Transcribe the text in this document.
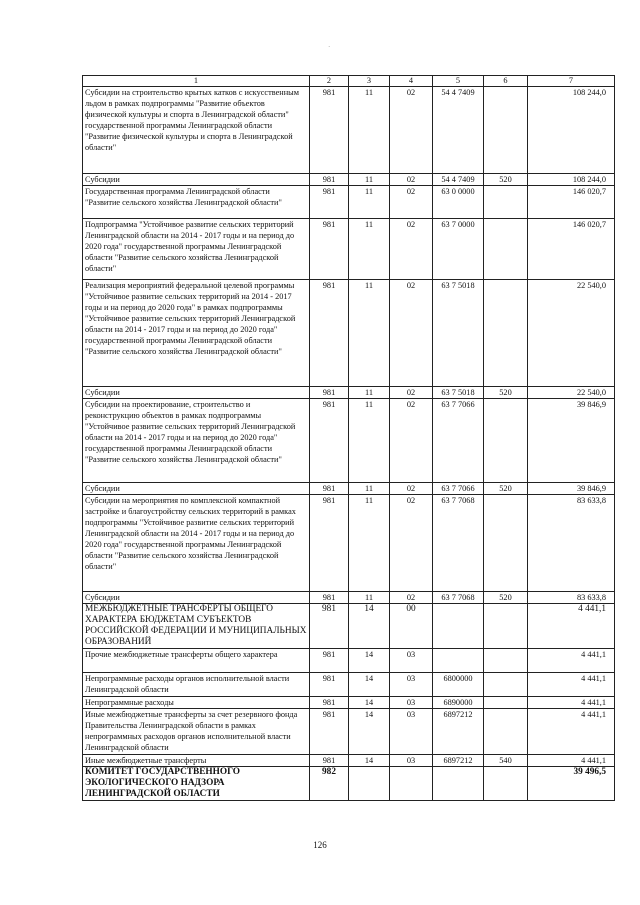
·
1	2	3	4	5	6	7
Субсидии на строительство крытых катков с искусственным льдом в рамках подпрограммы "Развитие объектов физической культуры и спорта в Ленинградской области" государственной программы Ленинградской области "Развитие физической культуры и спорта в Ленинградской области"	981	11	02	54 4 7409		108 244,0
Субсидии	981	11	02	54 4 7409	520	108 244,0
Государственная программа Ленинградской области "Развитие сельского хозяйства Ленинградской области"	981	11	02	63 0 0000		146 020,7
Подпрограмма "Устойчивое развитие сельских территорий Ленинградской области на 2014 - 2017 годы и на период до 2020 года" государственной программы Ленинградской области "Развитие сельского хозяйства Ленинградской области"	981	11	02	63 7 0000		146 020,7
Реализация мероприятий федеральной целевой программы "Устойчивое развитие сельских территорий на 2014 - 2017 годы и на период до 2020 года" в рамках подпрограммы "Устойчивое развитие сельских территорий Ленинградской области на 2014 - 2017 годы и на период до 2020 года" государственной программы Ленинградской области "Развитие сельского хозяйства Ленинградской области"	981	11	02	63 7 5018		22 540,0
Субсидии	981	11	02	63 7 5018	520	22 540,0
Субсидии на проектирование, строительство и реконструкцию объектов в рамках подпрограммы "Устойчивое развитие сельских территорий Ленинградской области на 2014 - 2017 годы и на период до 2020 года" государственной программы Ленинградской области "Развитие сельского хозяйства Ленинградской области"	981	11	02	63 7 7066		39 846,9
Субсидии	981	11	02	63 7 7066	520	39 846,9
Субсидии на мероприятия по комплексной компактной застройке и благоустройству сельских территорий в рамках подпрограммы "Устойчивое развитие сельских территорий Ленинградской области на 2014 - 2017 годы и на период до 2020 года" государственной программы Ленинградской области "Развитие сельского хозяйства Ленинградской области"	981	11	02	63 7 7068		83 633,8
Субсидии	981	11	02	63 7 7068	520	83 633,8
МЕЖБЮДЖЕТНЫЕ ТРАНСФЕРТЫ ОБЩЕГО ХАРАКТЕРА БЮДЖЕТАМ СУБЪЕКТОВ РОССИЙСКОЙ ФЕДЕРАЦИИ И МУНИЦИПАЛЬНЫХ ОБРАЗОВАНИЙ	981	14	00			4 441,1
Прочие межбюджетные трансферты общего характера	981	14	03			4 441,1
Непрограммные расходы органов исполнительной власти Ленинградской области	981	14	03	6800000		4 441,1
Непрограммные расходы	981	14	03	6890000		4 441,1
Иные межбюджетные трансферты за счет резервного фонда Правительства Ленинградской области в рамках непрограммных расходов органов исполнительной власти Ленинградской области	981	14	03	6897212		4 441,1
Иные межбюджетные трансферты	981	14	03	6897212	540	4 441,1
КОМИТЕТ ГОСУДАРСТВЕННОГО ЭКОЛОГИЧЕСКОГО НАДЗОРА ЛЕНИНГРАДСКОЙ ОБЛАСТИ	982					39 496,5
126
